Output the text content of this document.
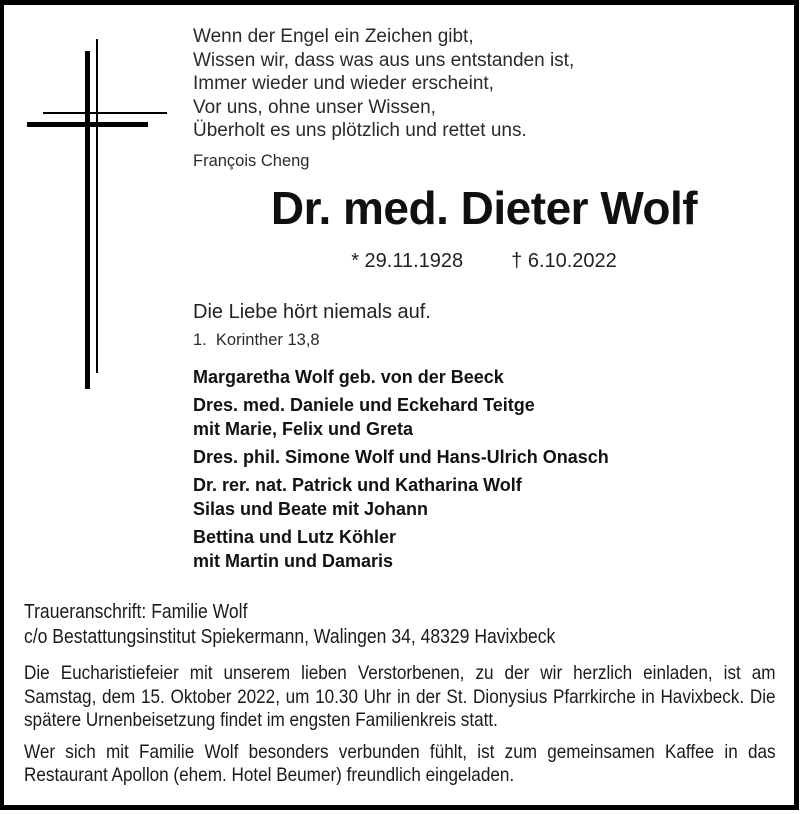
Wenn der Engel ein Zeichen gibt,
Wissen wir, dass was aus uns entstanden ist,
Immer wieder und wieder erscheint,
Vor uns, ohne unser Wissen,
Überholt es uns plötzlich und rettet uns.
François Cheng
Dr. med. Dieter Wolf
* 29.11.1928 † 6.10.2022
Die Liebe hört niemals auf.
1.  Korinther 13,8
Margaretha Wolf geb. von der Beeck
Dres. med. Daniele und Eckehard Teitge
mit Marie, Felix und Greta
Dres. phil. Simone Wolf und Hans-Ulrich Onasch
Dr. rer. nat. Patrick und Katharina Wolf
Silas und Beate mit Johann
Bettina und Lutz Köhler
mit Martin und Damaris
Traueranschrift: Familie Wolf
c/o Bestattungsinstitut Spiekermann, Walingen 34, 48329 Havixbeck

Die Eucharistiefeier mit unserem lieben Verstorbenen, zu der wir herzlich einladen, ist am Samstag, dem 15. Oktober 2022, um 10.30 Uhr in der St. Dionysius Pfarrkirche in Havixbeck. Die spätere Urnenbeisetzung findet im engsten Familienkreis statt.

Wer sich mit Familie Wolf besonders verbunden fühlt, ist zum gemeinsamen Kaffee in das Restaurant Apollon (ehem. Hotel Beumer) freundlich eingeladen.
